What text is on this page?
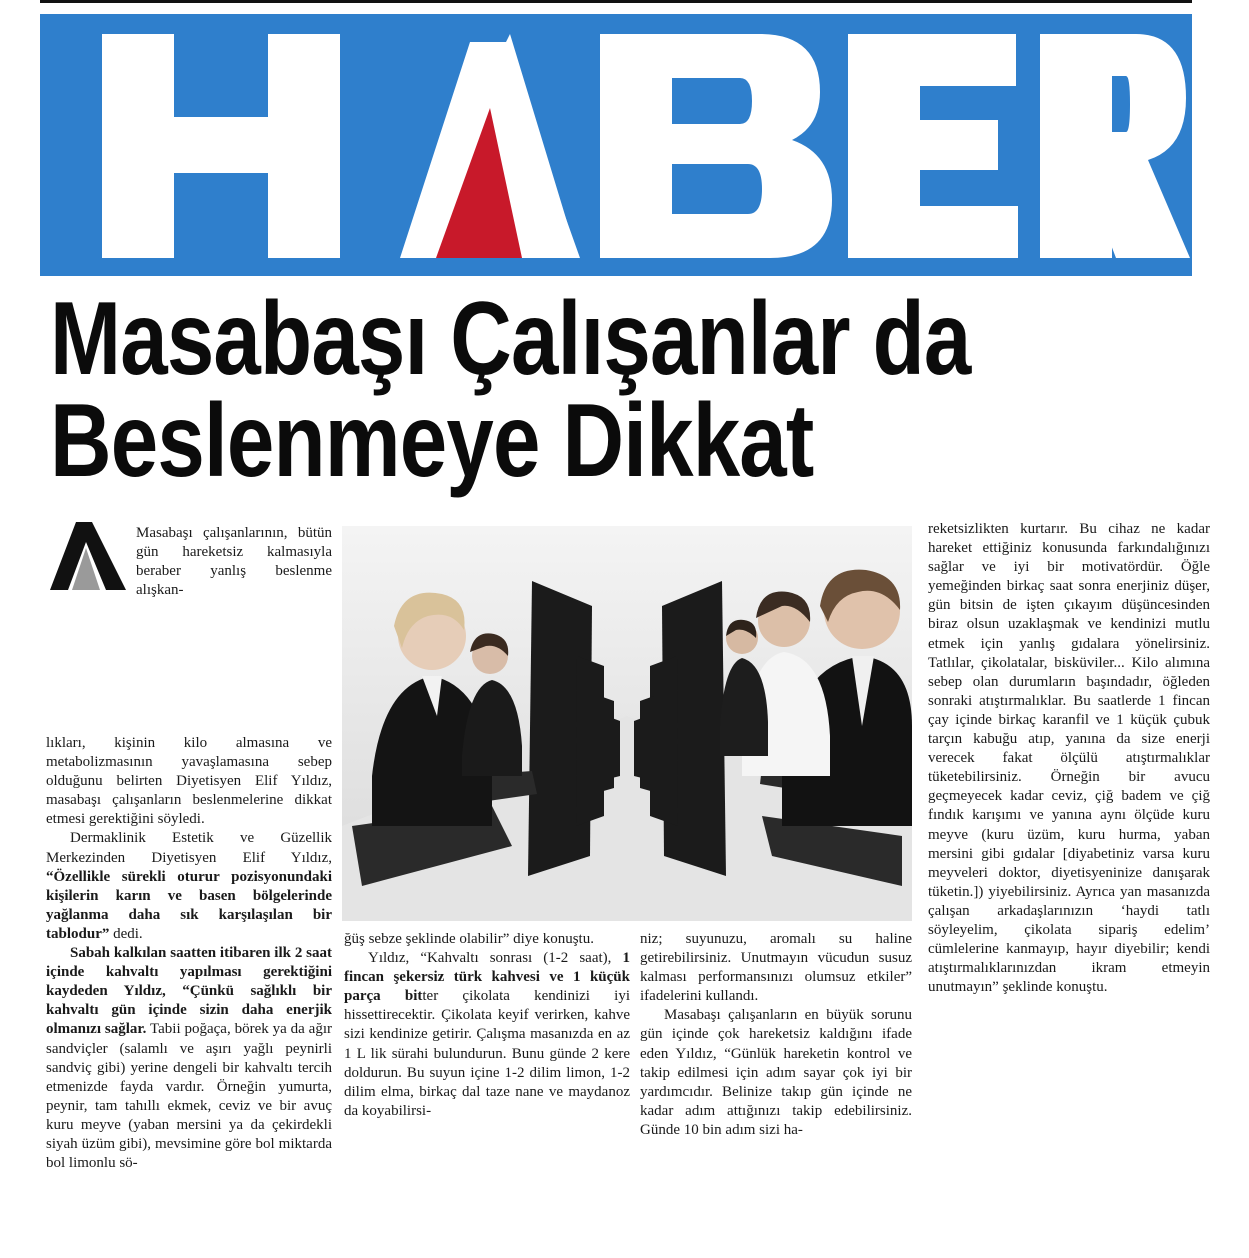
Masabaşı Çalışanlar da
Beslenmeye Dikkat

Masabaşı çalışanlarının, bütün gün hareketsiz kalmasıyla beraber yanlış beslenme alışkan-

lıkları, kişinin kilo almasına ve metabolizmasının yavaşlamasına sebep olduğunu belirten Diyetisyen Elif Yıldız, masabaşı çalışanların beslenmelerine dikkat etmesi gerektiğini söyledi.

Dermaklinik Estetik ve Güzellik Merkezinden Diyetisyen Elif Yıldız, “Özellikle sürekli oturur pozisyonundaki kişilerin karın ve basen bölgelerinde yağlanma daha sık karşılaşılan bir tablodur” dedi.

Sabah kalkılan saatten itibaren ilk 2 saat içinde kahvaltı yapılması gerektiğini kaydeden Yıldız, “Çünkü sağlıklı bir kahvaltı gün içinde sizin daha enerjik olmanızı sağlar. Tabii poğaça, börek ya da ağır sandviçler (salamlı ve aşırı yağlı peynirli sandviç gibi) yerine dengeli bir kahvaltı tercih etmenizde fayda vardır. Örneğin yumurta, peynir, tam tahıllı ekmek, ceviz ve bir avuç kuru meyve (yaban mersini ya da çekirdekli siyah üzüm gibi), mevsimine göre bol miktarda bol limonlu sö-

ğüş sebze şeklinde olabilir” diye konuştu.

Yıldız, “Kahvaltı sonrası (1-2 saat), 1 fincan şekersiz türk kahvesi ve 1 küçük parça bitter çikolata kendinizi iyi hissettirecektir. Çikolata keyif verirken, kahve sizi kendinize getirir. Çalışma masanızda en az 1 L lik sürahi bulundurun. Bunu günde 2 kere doldurun. Bu suyun içine 1-2 dilim limon, 1-2 dilim elma, birkaç dal taze nane ve maydanoz da koyabilirsi-

niz; suyunuzu, aromalı su haline getirebilirsiniz. Unutmayın vücudun susuz kalması performansınızı olumsuz etkiler” ifadelerini kullandı.

Masabaşı çalışanların en büyük sorunu gün içinde çok hareketsiz kaldığını ifade eden Yıldız, “Günlük hareketin kontrol ve takip edilmesi için adım sayar çok iyi bir yardımcıdır. Belinize takıp gün içinde ne kadar adım attığınızı takip edebilirsiniz. Günde 10 bin adım sizi ha-

reketsizlikten kurtarır. Bu cihaz ne kadar hareket ettiğiniz konusunda farkındalığınızı sağlar ve iyi bir motivatördür. Öğle yemeğinden birkaç saat sonra enerjiniz düşer, gün bitsin de işten çıkayım düşüncesinden biraz olsun uzaklaşmak ve kendinizi mutlu etmek için yanlış gıdalara yönelirsiniz. Tatlılar, çikolatalar, bisküviler... Kilo alımına sebep olan durumların başındadır, öğleden sonraki atıştırmalıklar. Bu saatlerde 1 fincan çay içinde birkaç karanfil ve 1 küçük çubuk tarçın kabuğu atıp, yanına da size enerji verecek fakat ölçülü atıştırmalıklar tüketebilirsiniz. Örneğin bir avucu geçmeyecek kadar ceviz, çiğ badem ve çiğ fındık karışımı ve yanına aynı ölçüde kuru meyve (kuru üzüm, kuru hurma, yaban mersini gibi gıdalar [diyabetiniz varsa kuru meyveleri doktor, diyetisyeninize danışarak tüketin.]) yiyebilirsiniz. Ayrıca yan masanızda çalışan arkadaşlarınızın ‘haydi tatlı söyleyelim, çikolata sipariş edelim’ cümlelerine kanmayıp, hayır diyebilir; kendi atıştırmalıklarınızdan ikram etmeyin unutmayın” şeklinde konuştu.
